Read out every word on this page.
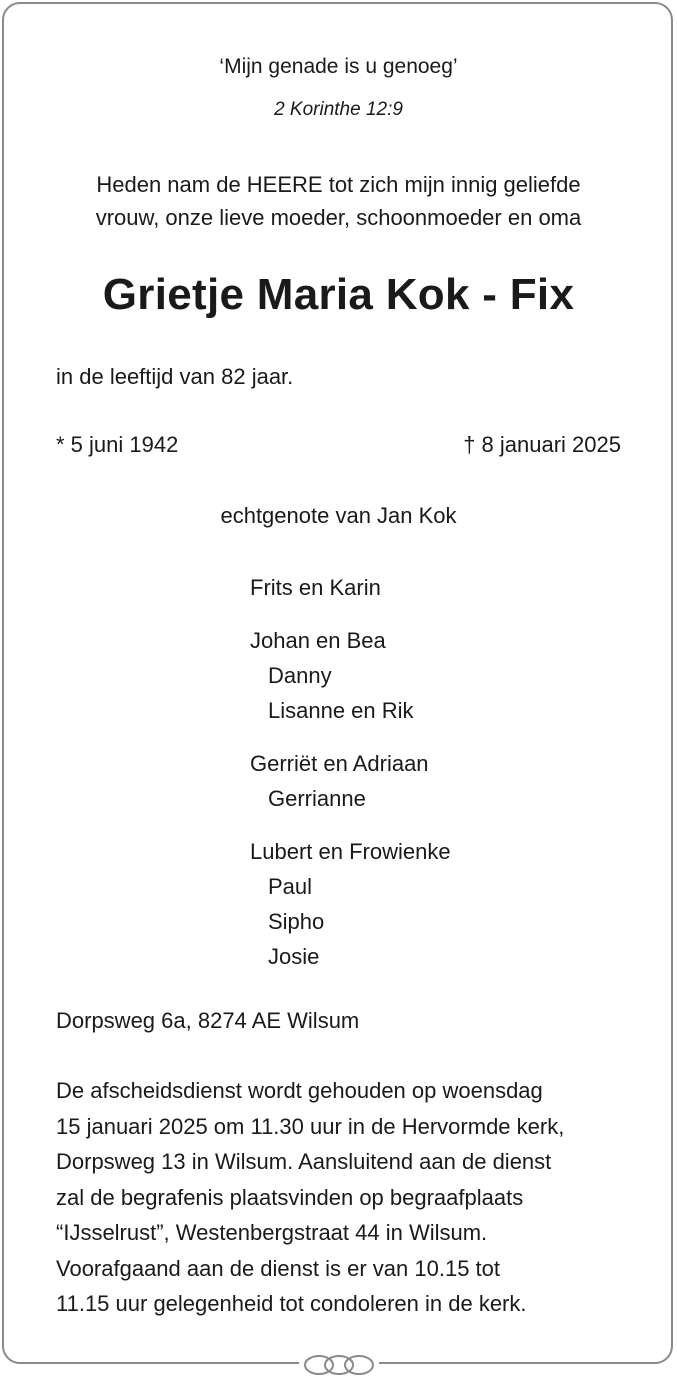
‘Mijn genade is u genoeg’
2 Korinthe 12:9
Heden nam de HEERE tot zich mijn innig geliefde
vrouw, onze lieve moeder, schoonmoeder en oma
Grietje Maria Kok - Fix
in de leeftijd van 82 jaar.
* 5 juni 1942	† 8 januari 2025
echtgenote van Jan Kok
Frits en Karin
Johan en Bea
Danny
Lisanne en Rik
Gerriët en Adriaan
Gerrianne
Lubert en Frowienke
Paul
Sipho
Josie
Dorpsweg 6a, 8274 AE Wilsum
De afscheidsdienst wordt gehouden op woensdag
15 januari 2025 om 11.30 uur in de Hervormde kerk,
Dorpsweg 13 in Wilsum. Aansluitend aan de dienst
zal de begrafenis plaatsvinden op begraafplaats
“IJsselrust”, Westenbergstraat 44 in Wilsum.
Voorafgaand aan de dienst is er van 10.15 tot
11.15 uur gelegenheid tot condoleren in de kerk.
